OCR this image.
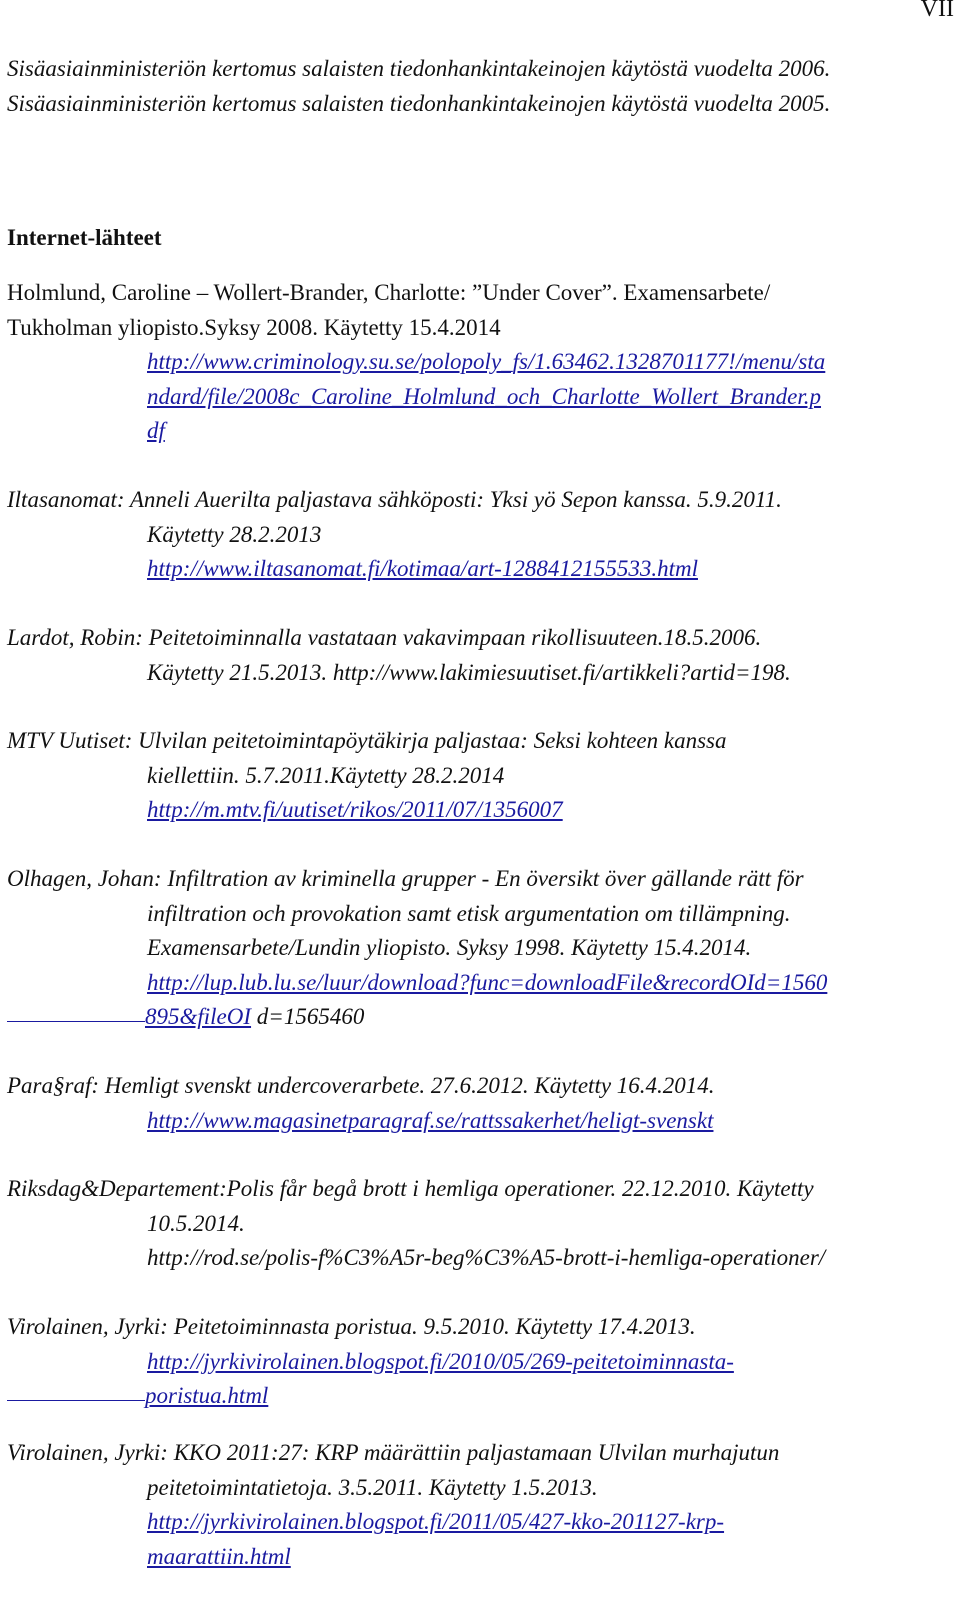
VII
Sisäasiainministeriön kertomus salaisten tiedonhankintakeinojen käytöstä vuodelta 2006.
Sisäasiainministeriön kertomus salaisten tiedonhankintakeinojen käytöstä vuodelta 2005.
Internet-lähteet
Holmlund, Caroline – Wollert-Brander, Charlotte: ”Under Cover”. Examensarbete/
Tukholman yliopisto.Syksy 2008. Käytetty 15.4.2014
http://www.criminology.su.se/polopoly_fs/1.63462.1328701177!/menu/sta
ndard/file/2008c_Caroline_Holmlund_och_Charlotte_Wollert_Brander.p
df
Iltasanomat: Anneli Auerilta paljastava sähköposti: Yksi yö Sepon kanssa. 5.9.2011.
Käytetty 28.2.2013
http://www.iltasanomat.fi/kotimaa/art-1288412155533.html
Lardot, Robin: Peitetoiminnalla vastataan vakavimpaan rikollisuuteen.18.5.2006.
Käytetty 21.5.2013. http://www.lakimiesuutiset.fi/artikkeli?artid=198.
MTV Uutiset: Ulvilan peitetoimintapöytäkirja paljastaa: Seksi kohteen kanssa
kiellettiin. 5.7.2011.Käytetty 28.2.2014
http://m.mtv.fi/uutiset/rikos/2011/07/1356007
Olhagen, Johan: Infiltration av kriminella grupper - En översikt över gällande rätt för
infiltration och provokation samt etisk argumentation om tillämpning.
Examensarbete/Lundin yliopisto. Syksy 1998. Käytetty 15.4.2014.
http://lup.lub.lu.se/luur/download?func=downloadFile&recordOId=1560
895&fileOI d=1565460
Para§raf: Hemligt svenskt undercoverarbete. 27.6.2012. Käytetty 16.4.2014.
http://www.magasinetparagraf.se/rattssakerhet/heligt-svenskt
Riksdag&Departement:Polis får begå brott i hemliga operationer. 22.12.2010. Käytetty
10.5.2014.
http://rod.se/polis-f%C3%A5r-beg%C3%A5-brott-i-hemliga-operationer/
Virolainen, Jyrki: Peitetoiminnasta poristua. 9.5.2010. Käytetty 17.4.2013.
http://jyrkivirolainen.blogspot.fi/2010/05/269-peitetoiminnasta-
poristua.html
Virolainen, Jyrki: KKO 2011:27: KRP määrättiin paljastamaan Ulvilan murhajutun
peitetoimintatietoja. 3.5.2011. Käytetty 1.5.2013.
http://jyrkivirolainen.blogspot.fi/2011/05/427-kko-201127-krp-
maarattiin.html
